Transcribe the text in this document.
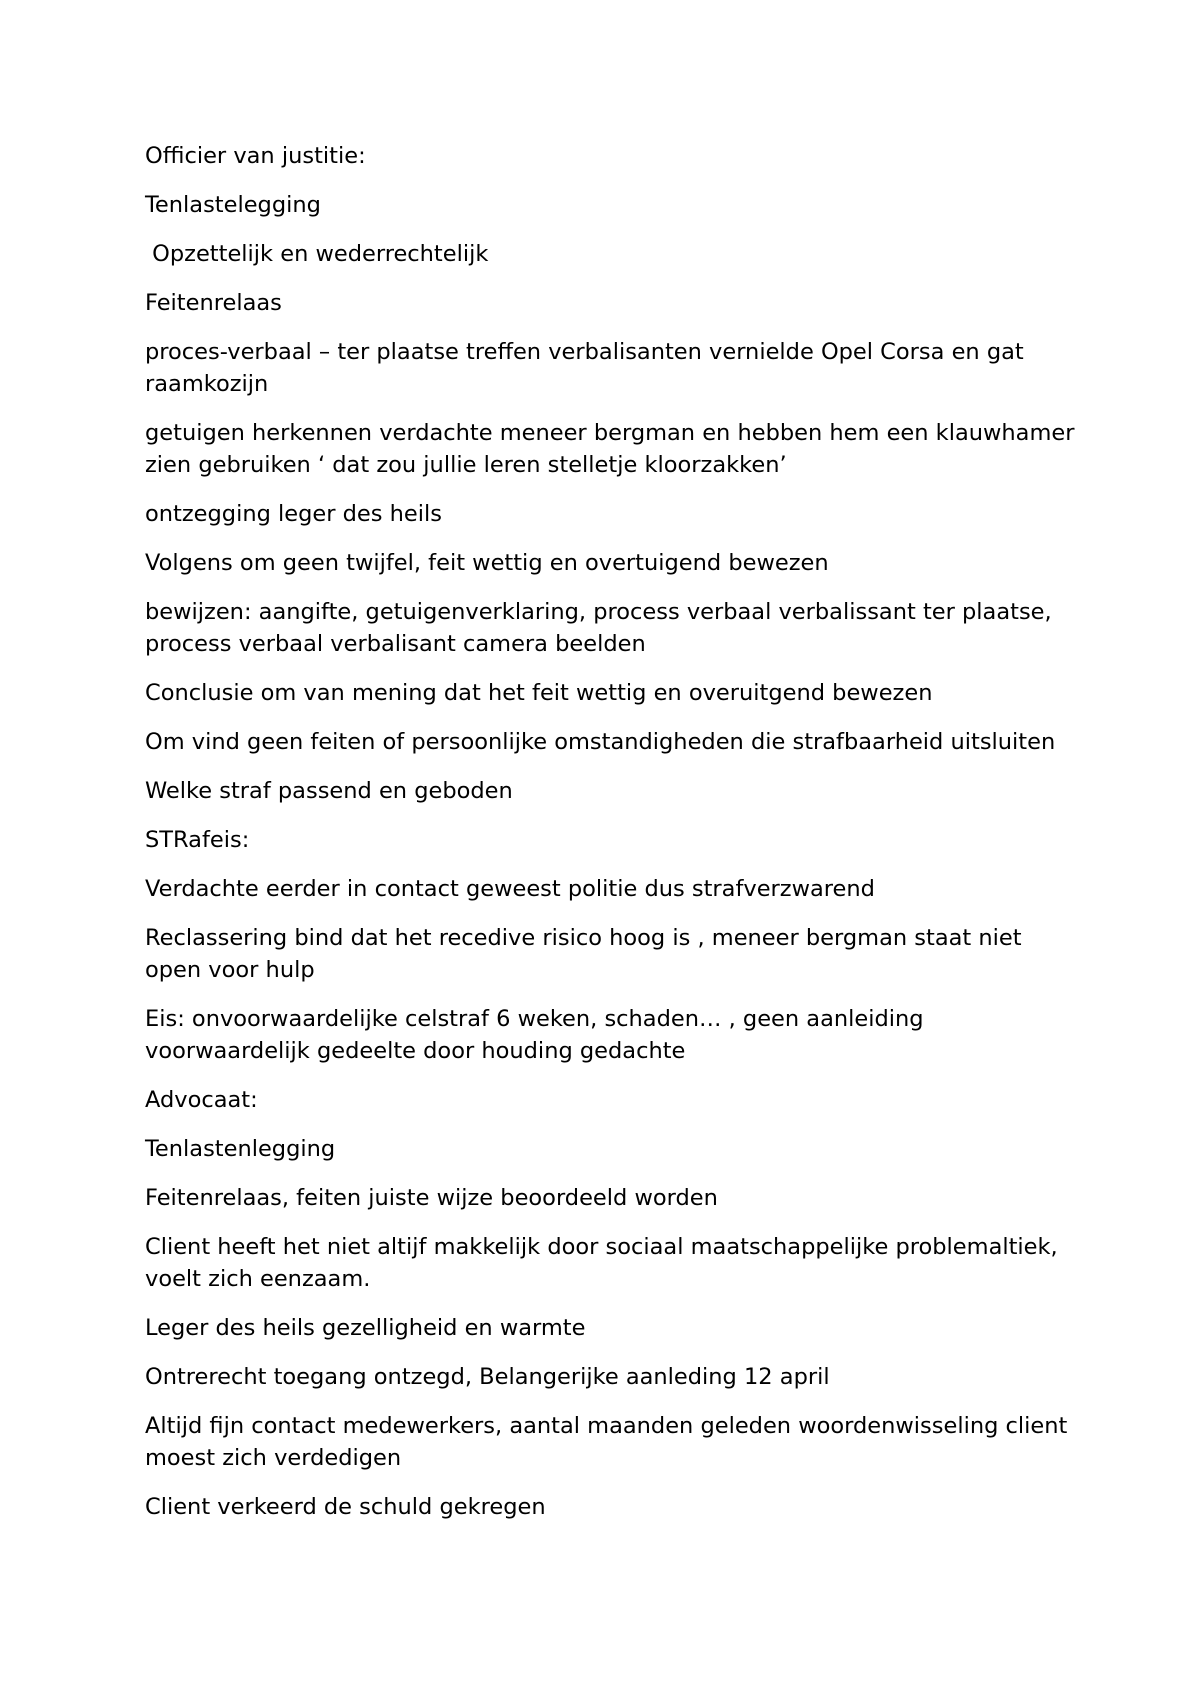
Officier van justitie:

Tenlastelegging

Opzettelijk en wederrechtelijk

Feitenrelaas

proces-verbaal – ter plaatse treffen verbalisanten vernielde Opel Corsa en gat raamkozijn

getuigen herkennen verdachte meneer bergman en hebben hem een klauwhamer zien gebruiken ‘ dat zou jullie leren stelletje kloorzakken’

ontzegging leger des heils

Volgens om geen twijfel, feit wettig en overtuigend bewezen

bewijzen: aangifte, getuigenverklaring, process verbaal verbalissant ter plaatse, process verbaal verbalisant camera beelden

Conclusie om van mening dat het feit wettig en overuitgend bewezen

Om vind geen feiten of persoonlijke omstandigheden die strafbaarheid uitsluiten

Welke straf passend en geboden

STRafeis:

Verdachte eerder in contact geweest politie dus strafverzwarend

Reclassering bind dat het recedive risico hoog is , meneer bergman staat niet open voor hulp

Eis: onvoorwaardelijke celstraf 6 weken, schaden… , geen aanleiding voorwaardelijk gedeelte door houding gedachte

Advocaat:

Tenlastenlegging

Feitenrelaas, feiten juiste wijze beoordeeld worden

Client heeft het niet altijf makkelijk door sociaal maatschappelijke problemaltiek, voelt zich eenzaam.

Leger des heils gezelligheid en warmte

Ontrerecht toegang ontzegd, Belangerijke aanleding 12 april

Altijd fijn contact medewerkers, aantal maanden geleden woordenwisseling client moest zich verdedigen

Client verkeerd de schuld gekregen
